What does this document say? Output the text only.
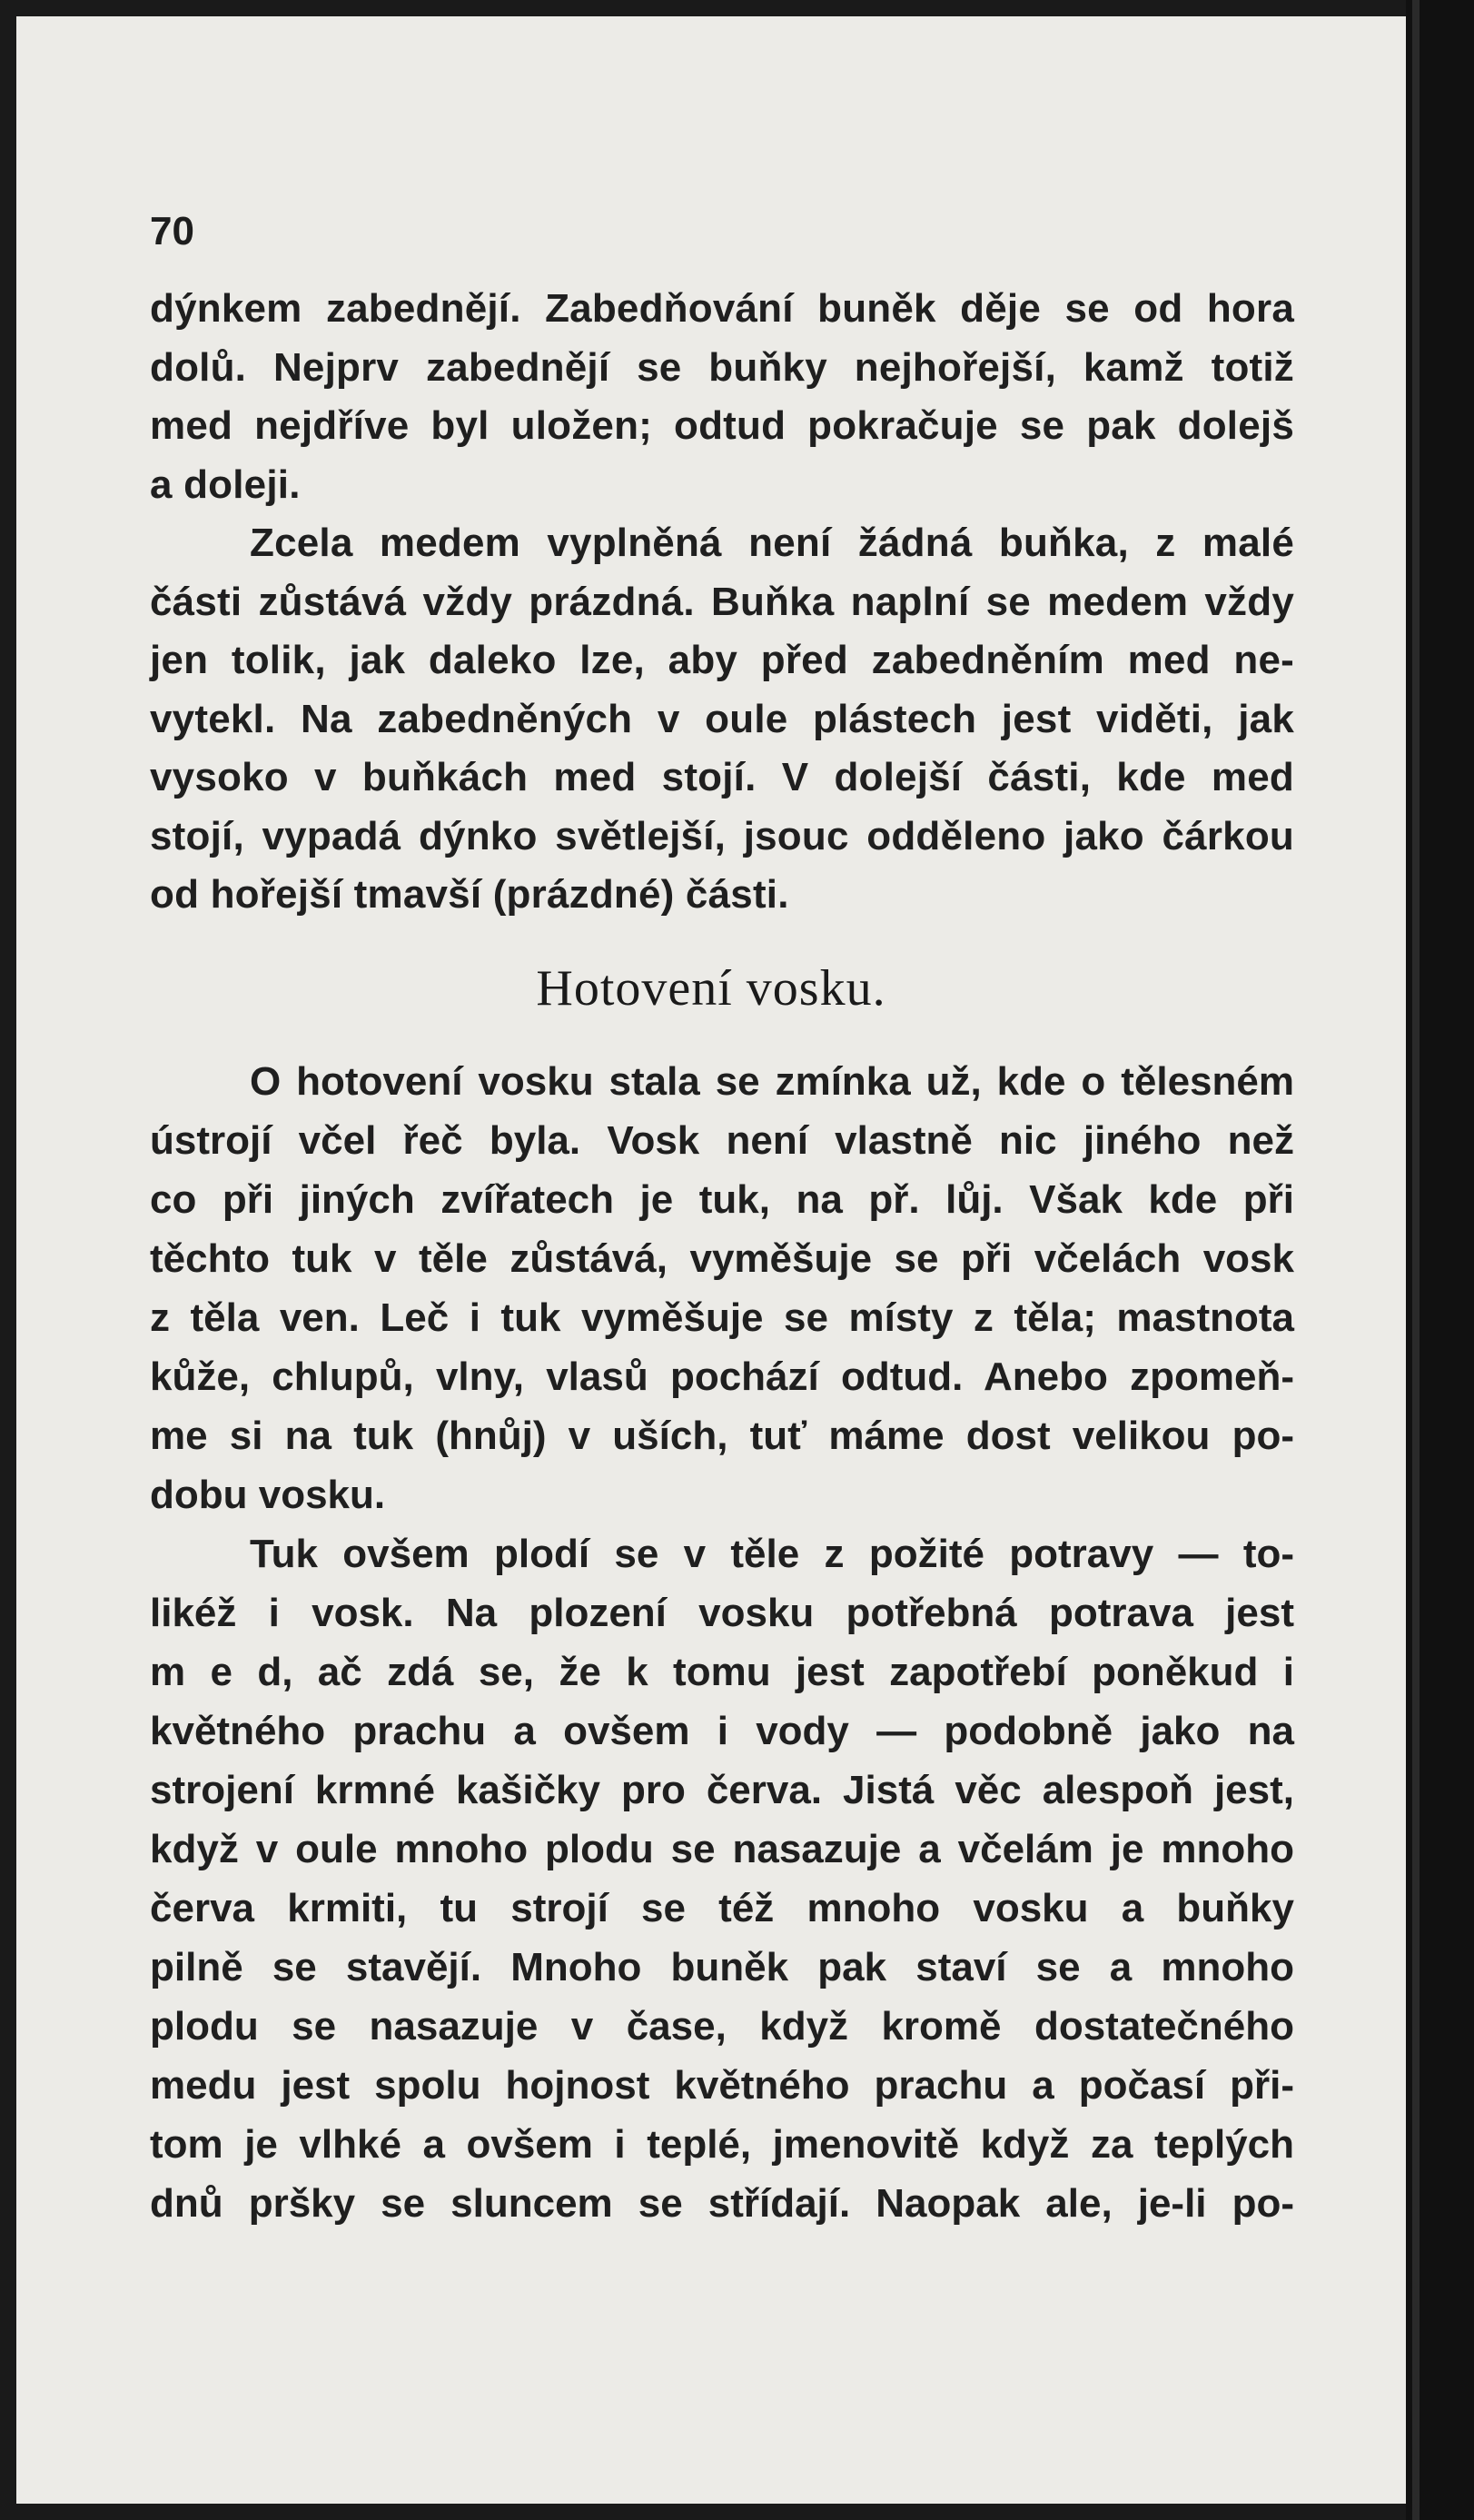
70
dýnkem zabednějí. Zabedňování buněk děje se od hora
dolů. Nejprv zabednějí se buňky nejhořejší, kamž totiž
med nejdříve byl uložen; odtud pokračuje se pak dolejš
a doleji.
Zcela medem vyplněná není žádná buňka, z malé
části zůstává vždy prázdná. Buňka naplní se medem vždy
jen tolik, jak daleko lze, aby před zabedněním med ne-
vytekl. Na zabedněných v oule plástech jest viděti, jak
vysoko v buňkách med stojí. V dolejší části, kde med
stojí, vypadá dýnko světlejší, jsouc odděleno jako čárkou
od hořejší tmavší (prázdné) části.
Hotovení vosku.
O hotovení vosku stala se zmínka už, kde o tělesném
ústrojí včel řeč byla. Vosk není vlastně nic jiného než
co při jiných zvířatech je tuk, na př. lůj. Však kde při
těchto tuk v těle zůstává, vyměšuje se při včelách vosk
z těla ven. Leč i tuk vyměšuje se místy z těla; mastnota
kůže, chlupů, vlny, vlasů pochází odtud. Anebo zpomeň-
me si na tuk (hnůj) v uších, tuť máme dost velikou po-
dobu vosku.
Tuk ovšem plodí se v těle z požité potravy — to-
likéž i vosk. Na plození vosku potřebná potrava jest
m e d, ač zdá se, že k tomu jest zapotřebí poněkud i
květného prachu a ovšem i vody — podobně jako na
strojení krmné kašičky pro červa. Jistá věc alespoň jest,
když v oule mnoho plodu se nasazuje a včelám je mnoho
červa krmiti, tu strojí se též mnoho vosku a buňky
pilně se stavějí. Mnoho buněk pak staví se a mnoho
plodu se nasazuje v čase, když kromě dostatečného
medu jest spolu hojnost květného prachu a počasí při-
tom je vlhké a ovšem i teplé, jmenovitě když za teplých
dnů pršky se sluncem se střídají. Naopak ale, je-li po-
